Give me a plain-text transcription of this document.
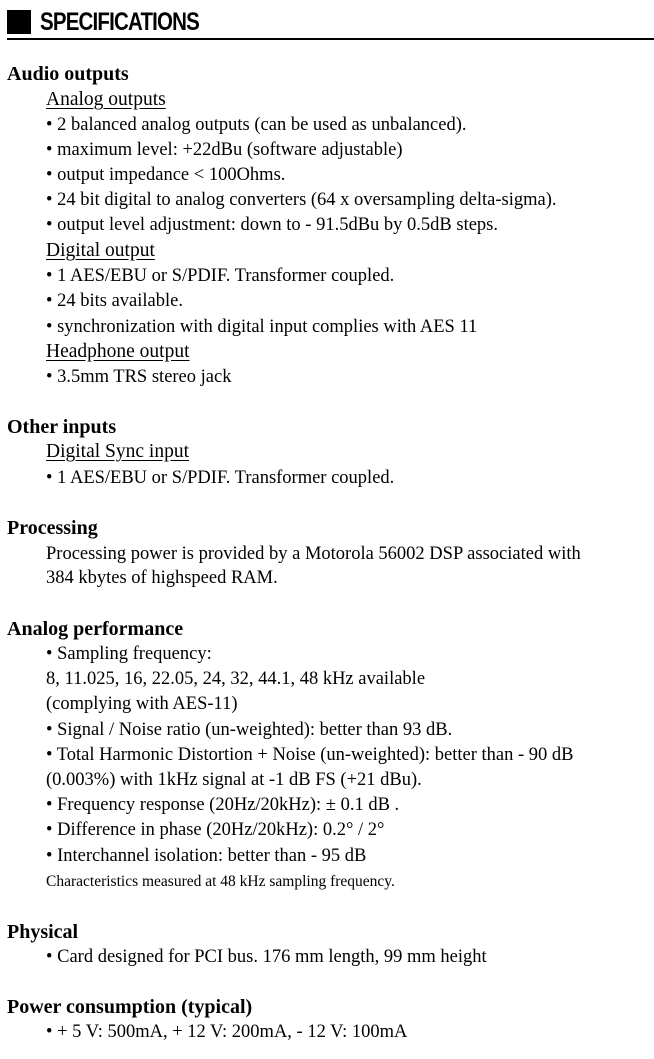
SPECIFICATIONS
Audio outputs
Analog outputs
• 2 balanced analog outputs (can be used as unbalanced).
• maximum level: +22dBu (software adjustable)
• output impedance < 100Ohms.
• 24 bit digital to analog converters (64 x oversampling delta-sigma).
• output level adjustment: down to - 91.5dBu by 0.5dB steps.
Digital output
• 1 AES/EBU or S/PDIF. Transformer coupled.
• 24 bits available.
• synchronization with digital input complies with AES 11
Headphone output
• 3.5mm TRS stereo jack
Other inputs
Digital Sync input
• 1 AES/EBU or S/PDIF. Transformer coupled.
Processing
Processing power is provided by a Motorola 56002 DSP associated with
384 kbytes of highspeed RAM.
Analog performance
• Sampling frequency:
8, 11.025, 16, 22.05, 24, 32, 44.1, 48 kHz available
(complying with AES-11)
• Signal / Noise ratio (un-weighted): better than 93 dB.
• Total Harmonic Distortion + Noise (un-weighted): better than - 90 dB
(0.003%) with 1kHz signal at -1 dB FS (+21 dBu).
• Frequency response (20Hz/20kHz): ± 0.1 dB .
• Difference in phase (20Hz/20kHz): 0.2° / 2°
• Interchannel isolation: better than - 95 dB
Characteristics measured at 48 kHz sampling frequency.
Physical
• Card designed for PCI bus. 176 mm length, 99 mm height
Power consumption (typical)
• + 5 V: 500mA, + 12 V: 200mA, - 12 V: 100mA
